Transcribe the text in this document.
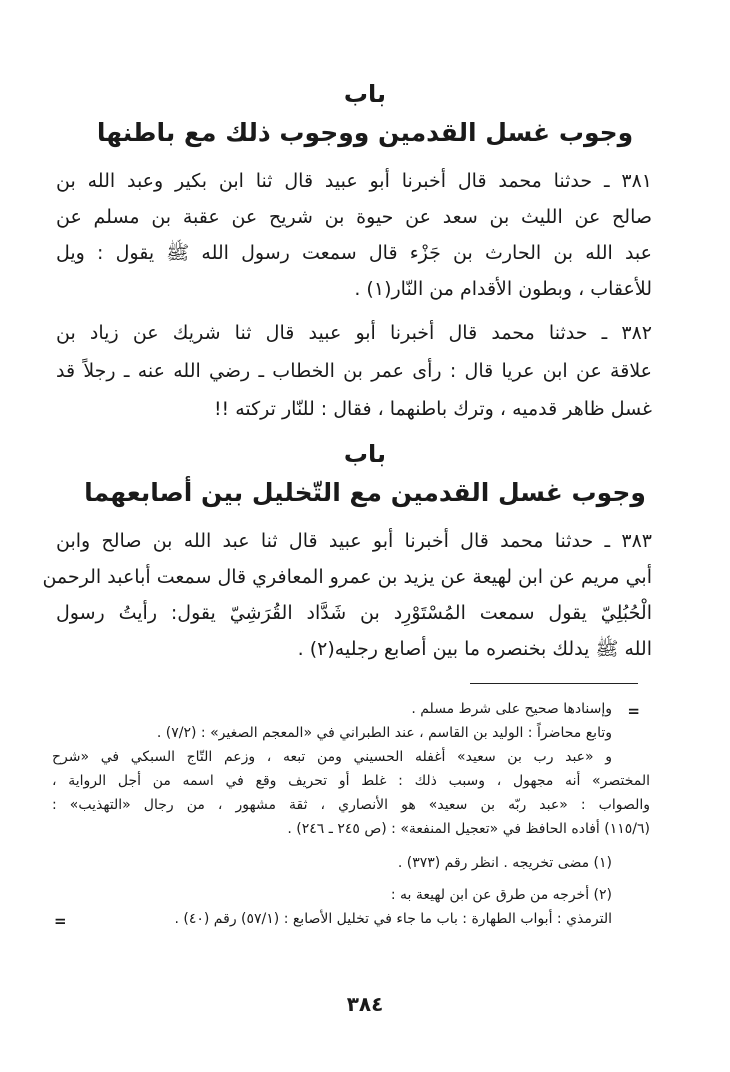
باب
وجوب غسل القدمين ووجوب ذلك مع باطنها
٣٨١ ـ حدثنا محمد قال أخبرنا أبو عبيد قال ثنا ابن بكير وعبد الله بن
صالح عن الليث بن سعد عن حيوة بن شريح عن عقبة بن مسلم عن
عبد الله بن الحارث بن جَزْء قال سمعت رسول الله ﷺ يقول : ويل
للأعقاب ، وبطون الأقدام من النّار(١) .
٣٨٢ ـ حدثنا محمد قال أخبرنا أبو عبيد قال ثنا شريك عن زياد بن
علاقة عن ابن عريا قال : رأى عمر بن الخطاب ـ رضي الله عنه ـ رجلاً قد
غسل ظاهر قدميه ، وترك باطنهما ، فقال : للنّار تركته !!
باب
وجوب غسل القدمين مع التّخليل بين أصابعهما
٣٨٣ ـ حدثنا محمد قال أخبرنا أبو عبيد قال ثنا عبد الله بن صالح وابن
أبي مريم عن ابن لهيعة عن يزيد بن عمرو المعافري قال سمعت أباعبد الرحمن
الْحُبُلِيّ يقول سمعت المُسْتَوْرِد بن شَدَّاد القُرَشِيّ يقول: رأيتُ رسول
الله ﷺ يدلك بخنصره ما بين أصابع رجليه(٢) .
=
وإسنادها صحيح على شرط مسلم .
وتابع محاضراً : الوليد بن القاسم ، عند الطبراني في «المعجم الصغير» : (٧/٢) .
و «عبد رب بن سعيد» أغفله الحسيني ومن تبعه ، وزعم التّاج السبكي في «شرح
المختصر» أنه مجهول ، وسبب ذلك : غلط أو تحريف وقع في اسمه من أجل الرواية ،
والصواب : «عبد ربّه بن سعيد» هو الأنصاري ، ثقة مشهور ، من رجال «التهذيب» :
(١١٥/٦) أفاده الحافظ في «تعجيل المنفعة» : (ص ٢٤٥ ـ ٢٤٦) .
(١) مضى تخريجه . انظر رقم (٣٧٣) .
(٢) أخرجه من طرق عن ابن لهيعة به :
الترمذي : أبواب الطهارة : باب ما جاء في تخليل الأصابع : (٥٧/١) رقم (٤٠) .
=
٣٨٤
